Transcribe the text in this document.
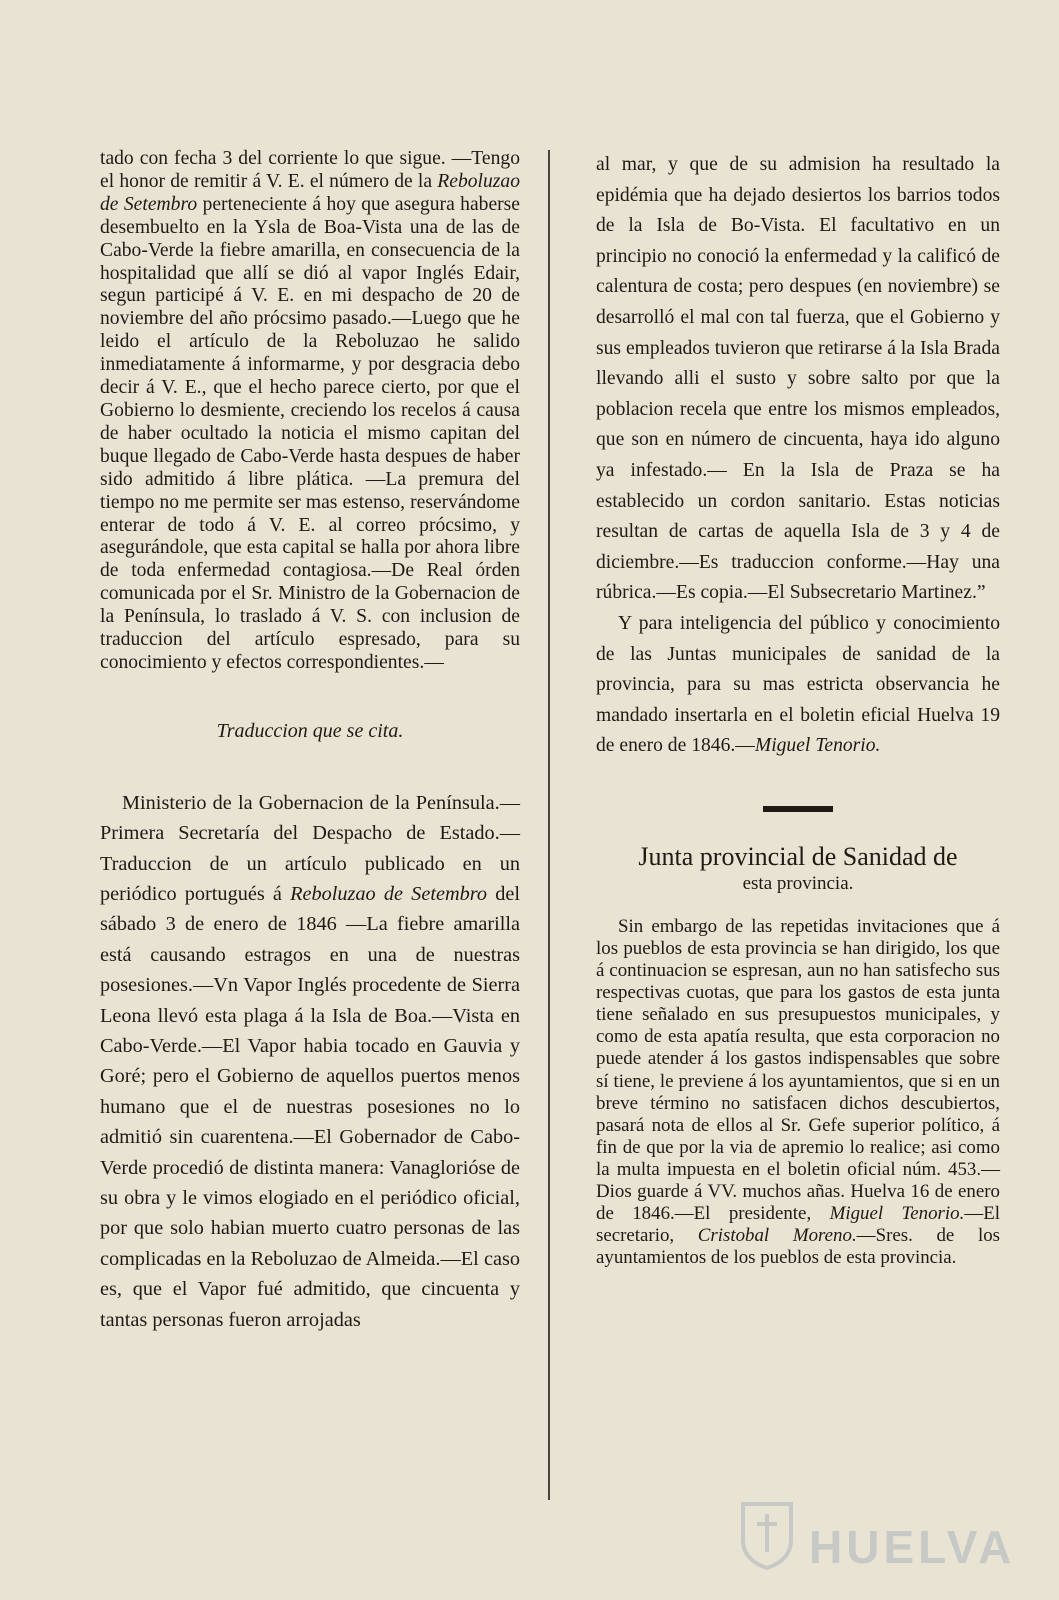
tado con fecha 3 del corriente lo que sigue. —Tengo el honor de remitir á V. E. el número de la Reboluzao de Setembro perteneciente á hoy que asegura haberse desembuelto en la Ysla de Boa-Vista una de las de Cabo-Verde la fiebre amarilla, en consecuencia de la hospitalidad que allí se dió al vapor Inglés Edair, segun participé á V. E. en mi despacho de 20 de noviembre del año prócsimo pasado.—Luego que he leido el artículo de la Reboluzao he salido inmediatamente á informarme, y por desgracia debo decir á V. E., que el hecho parece cierto, por que el Gobierno lo desmiente, creciendo los recelos á causa de haber ocultado la noticia el mismo capitan del buque llegado de Cabo-Verde hasta despues de haber sido admitido á libre plática. —La premura del tiempo no me permite ser mas estenso, reservándome enterar de todo á V. E. al correo prócsimo, y asegurándole, que esta capital se halla por ahora libre de toda enfermedad contagiosa.—De Real órden comunicada por el Sr. Ministro de la Gobernacion de la Península, lo traslado á V. S. con inclusion de traduccion del artículo espresado, para su conocimiento y efectos correspondientes.—

Traduccion que se cita.

Ministerio de la Gobernacion de la Península.—Primera Secretaría del Despacho de Estado.—Traduccion de un artículo publicado en un periódico portugués á Reboluzao de Setembro del sábado 3 de enero de 1846 —La fiebre amarilla está causando estragos en una de nuestras posesiones.—Vn Vapor Inglés procedente de Sierra Leona llevó esta plaga á la Isla de Boa.—Vista en Cabo-Verde.—El Vapor habia tocado en Gauvia y Goré; pero el Gobierno de aquellos puertos menos humano que el de nuestras posesiones no lo admitió sin cuarentena.—El Gobernador de Cabo-Verde procedió de distinta manera: Vanaglorióse de su obra y le vimos elogiado en el periódico oficial, por que solo habian muerto cuatro personas de las complicadas en la Reboluzao de Almeida.—El caso es, que el Vapor fué admitido, que cincuenta y tantas personas fueron arrojadas

al mar, y que de su admision ha resultado la epidémia que ha dejado desiertos los barrios todos de la Isla de Bo-Vista. El facultativo en un principio no conoció la enfermedad y la calificó de calentura de costa; pero despues (en noviembre) se desarrolló el mal con tal fuerza, que el Gobierno y sus empleados tuvieron que retirarse á la Isla Brada llevando alli el susto y sobre salto por que la poblacion recela que entre los mismos empleados, que son en número de cincuenta, haya ido alguno ya infestado.— En la Isla de Praza se ha establecido un cordon sanitario. Estas noticias resultan de cartas de aquella Isla de 3 y 4 de diciembre.—Es traduccion conforme.—Hay una rúbrica.—Es copia.—El Subsecretario Martinez.”

Y para inteligencia del público y conocimiento de las Juntas municipales de sanidad de la provincia, para su mas estricta observancia he mandado insertarla en el boletin eficial Huelva 19 de enero de 1846.—Miguel Tenorio.

Junta provincial de Sanidad de

esta provincia.

Sin embargo de las repetidas invitaciones que á los pueblos de esta provincia se han dirigido, los que á continuacion se espresan, aun no han satisfecho sus respectivas cuotas, que para los gastos de esta junta tiene señalado en sus presupuestos municipales, y como de esta apatía resulta, que esta corporacion no puede atender á los gastos indispensables que sobre sí tiene, le previene á los ayuntamientos, que si en un breve término no satisfacen dichos descubiertos, pasará nota de ellos al Sr. Gefe superior político, á fin de que por la via de apremio lo realice; asi como la multa impuesta en el boletin oficial núm. 453.—Dios guarde á VV. muchos añas. Huelva 16 de enero de 1846.—El presidente, Miguel Tenorio.—El secretario, Cristobal Moreno.—Sres. de los ayuntamientos de los pueblos de esta provincia.

HUELVA
